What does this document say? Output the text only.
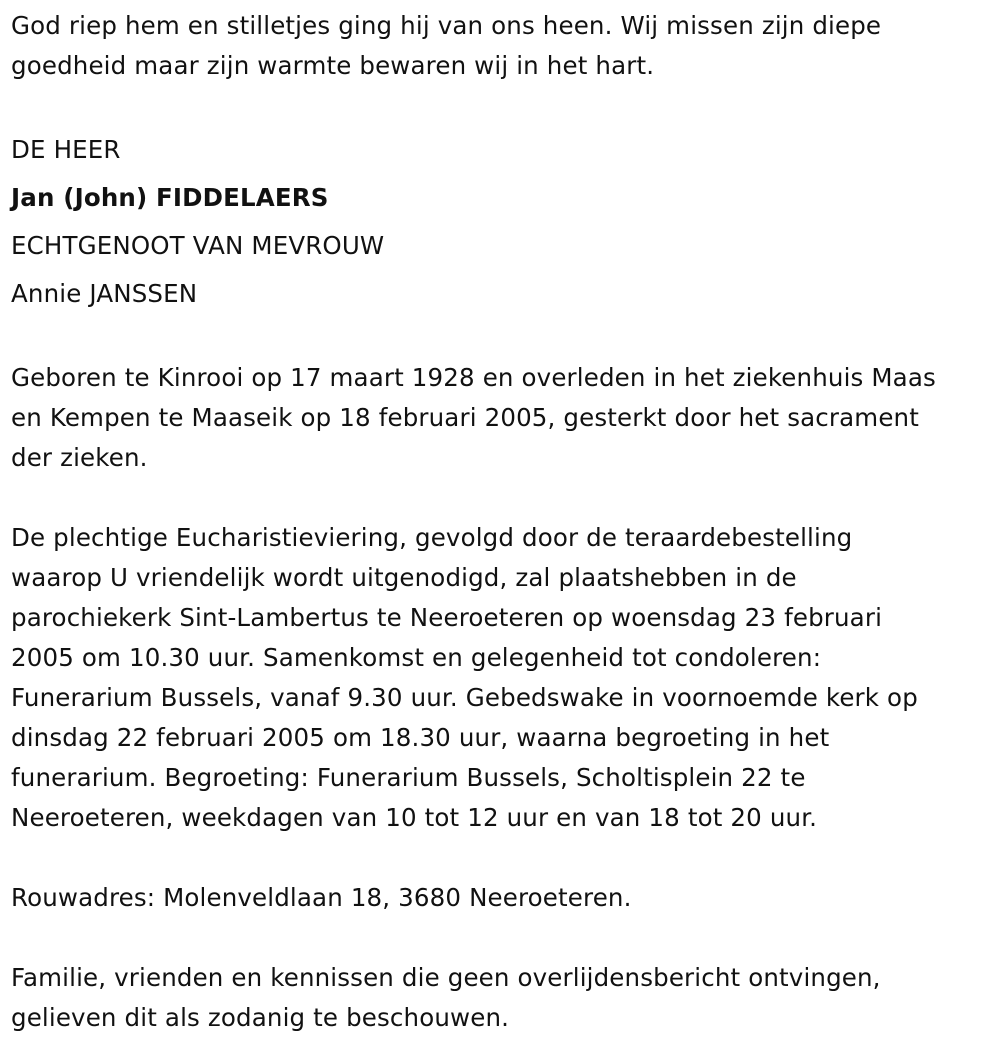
God riep hem en stilletjes ging hij van ons heen. Wij missen zijn diepe
goedheid maar zijn warmte bewaren wij in het hart.

DE HEER

Jan (John) FIDDELAERS

ECHTGENOOT VAN MEVROUW

Annie JANSSEN

Geboren te Kinrooi op 17 maart 1928 en overleden in het ziekenhuis Maas
en Kempen te Maaseik op 18 februari 2005, gesterkt door het sacrament
der zieken.

De plechtige Eucharistieviering, gevolgd door de teraardebestelling
waarop U vriendelijk wordt uitgenodigd, zal plaatshebben in de
parochiekerk Sint-Lambertus te Neeroeteren op woensdag 23 februari
2005 om 10.30 uur. Samenkomst en gelegenheid tot condoleren:
Funerarium Bussels, vanaf 9.30 uur. Gebedswake in voornoemde kerk op
dinsdag 22 februari 2005 om 18.30 uur, waarna begroeting in het
funerarium. Begroeting: Funerarium Bussels, Scholtisplein 22 te
Neeroeteren, weekdagen van 10 tot 12 uur en van 18 tot 20 uur.

Rouwadres: Molenveldlaan 18, 3680 Neeroeteren.

Familie, vrienden en kennissen die geen overlijdensbericht ontvingen,
gelieven dit als zodanig te beschouwen.
